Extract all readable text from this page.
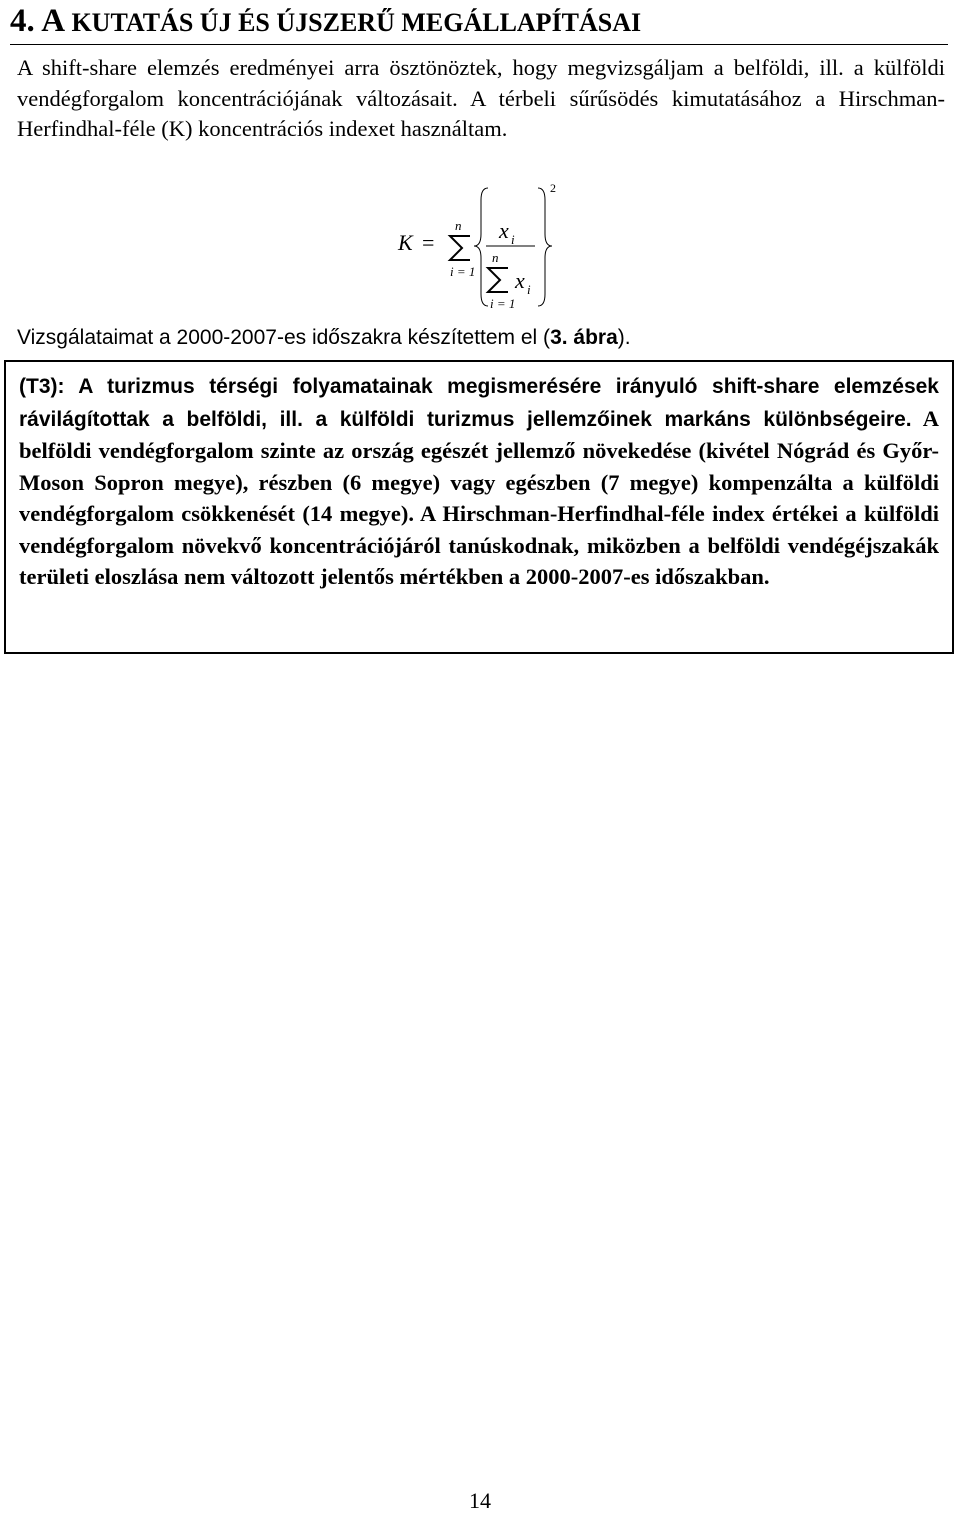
4. A KUTATÁS ÚJ ÉS ÚJSZERŰ MEGÁLLAPÍTÁSAI

A shift-share elemzés eredményei arra ösztönöztek, hogy megvizsgáljam a belföldi, ill. a külföldi vendégforgalom koncentrációjának változásait. A térbeli sűrűsödés kimutatásához a Hirschman-Herfindhal-féle (K) koncentrációs indexet használtam.

K =
n
i = 1
x i
n
i = 1
x i
2
Vizsgálataimat a 2000-2007-es időszakra készítettem el (3. ábra).
(T3): A turizmus térségi folyamatainak megismerésére irányuló shift-share elemzések rávilágítottak a belföldi, ill. a külföldi turizmus jellemzőinek markáns különbségeire. A belföldi vendégforgalom szinte az ország egészét jellemző növekedése (kivétel Nógrád és Győr-Moson Sopron megye), részben (6 megye) vagy egészben (7 megye) kompenzálta a külföldi vendégforgalom csökkenését (14 megye). A Hirschman-Herfindhal-féle index értékei a külföldi vendégforgalom növekvő koncentrációjáról tanúskodnak, miközben a belföldi vendégéjszakák területi eloszlása nem változott jelentős mértékben a 2000-2007-es időszakban.
14
